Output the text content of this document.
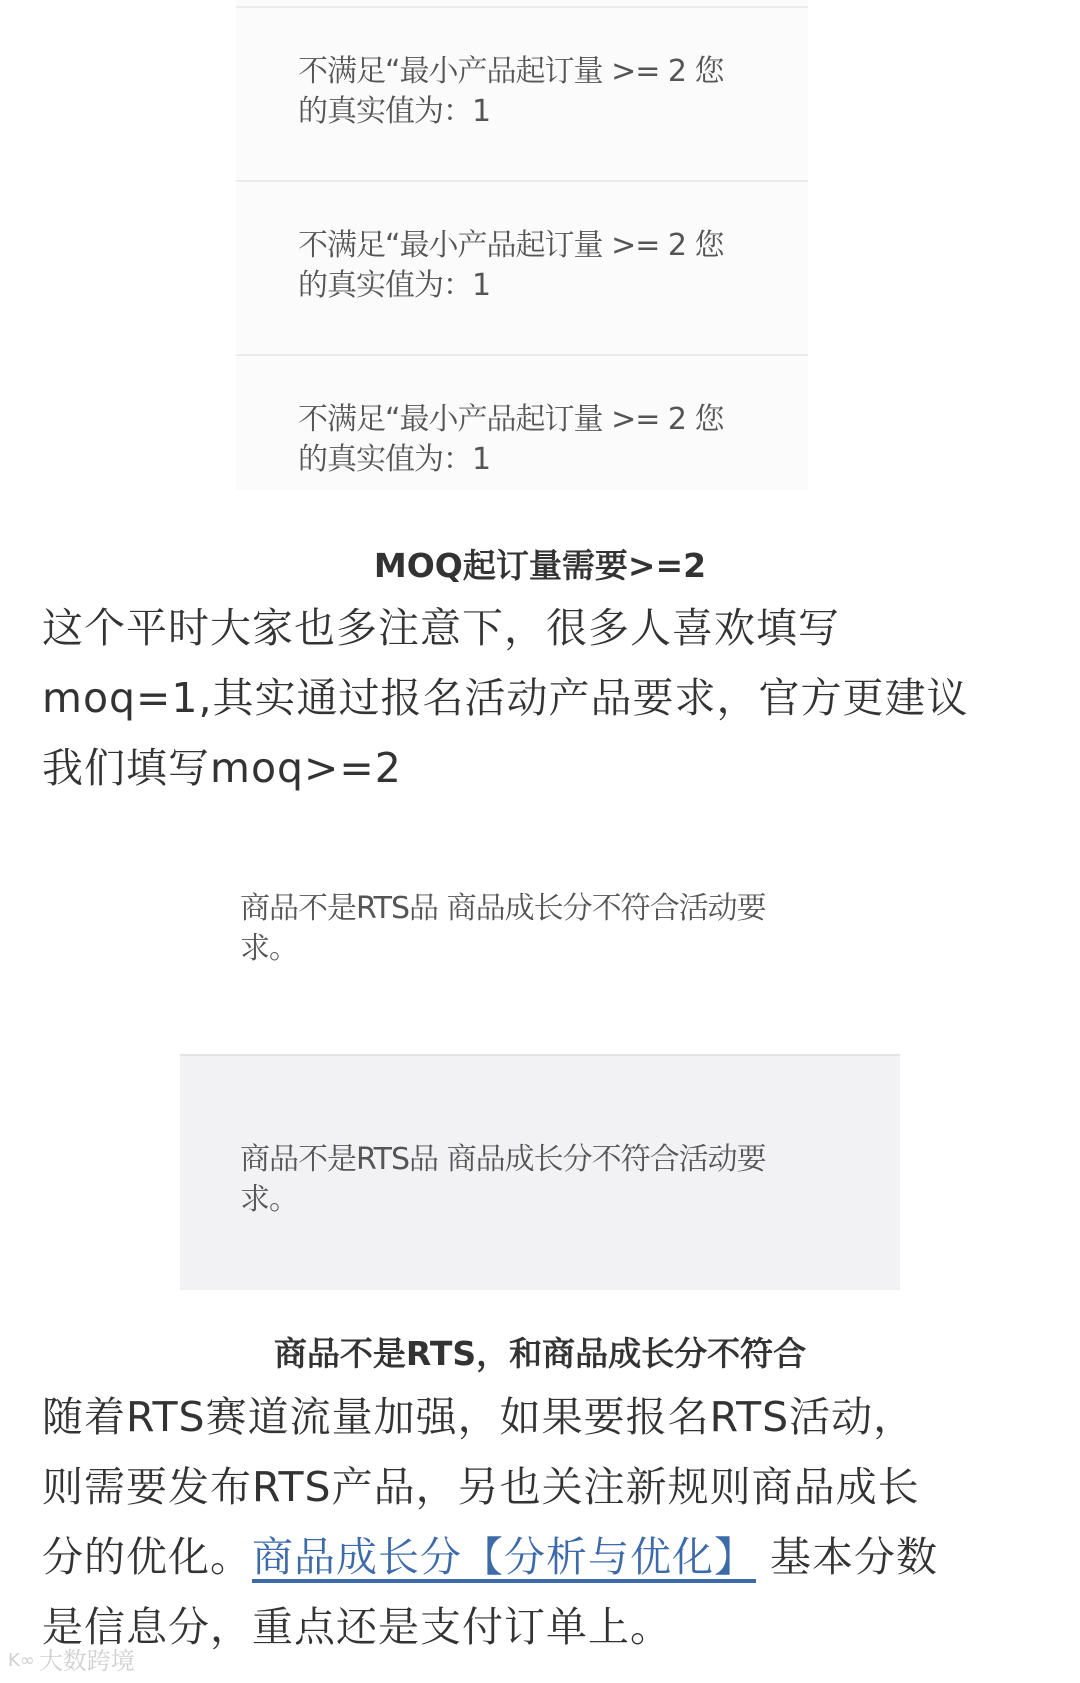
不满足“最小产品起订量 >= 2 您
的真实值为：1

不满足“最小产品起订量 >= 2 您
的真实值为：1

不满足“最小产品起订量 >= 2 您
的真实值为：1

MOQ起订量需要>=2

这个平时大家也多注意下，很多人喜欢填写
moq=1,其实通过报名活动产品要求，官方更建议
我们填写moq>=2

商品不是RTS品 商品成长分不符合活动要
求。

商品不是RTS品 商品成长分不符合活动要
求。

商品不是RTS，和商品成长分不符合

随着RTS赛道流量加强，如果要报名RTS活动，
则需要发布RTS产品，另也关注新规则商品成长
分的优化。商品成长分【分析与优化】 基本分数
是信息分，重点还是支付订单上。

K∞ 大数跨境
